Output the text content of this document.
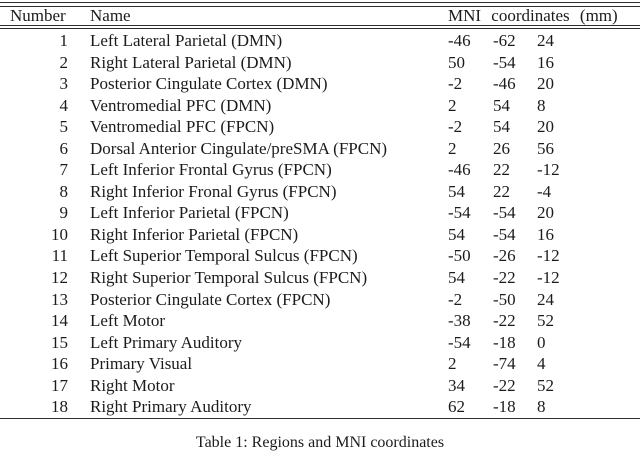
Number Name	MNI coordinates (mm)
1 Left Lateral Parietal (DMN)	-46 -62 24
2 Right Lateral Parietal (DMN)	50 -54 16
3 Posterior Cingulate Cortex (DMN)	-2 -46 20
4 Ventromedial PFC (DMN)	2 54 8
5 Ventromedial PFC (FPCN)	-2 54 20
6 Dorsal Anterior Cingulate/preSMA (FPCN)	2 26 56
7 Left Inferior Frontal Gyrus (FPCN)	-46 22 -12
8 Right Inferior Fronal Gyrus (FPCN)	54 22 -4
9 Left Inferior Parietal (FPCN)	-54 -54 20
10 Right Inferior Parietal (FPCN)	54 -54 16
11 Left Superior Temporal Sulcus (FPCN)	-50 -26 -12
12 Right Superior Temporal Sulcus (FPCN)	54 -22 -12
13 Posterior Cingulate Cortex (FPCN)	-2 -50 24
14 Left Motor	-38 -22 52
15 Left Primary Auditory	-54 -18 0
16 Primary Visual	2 -74 4
17 Right Motor	34 -22 52
18 Right Primary Auditory	62 -18 8
Table 1: Regions and MNI coordinates
